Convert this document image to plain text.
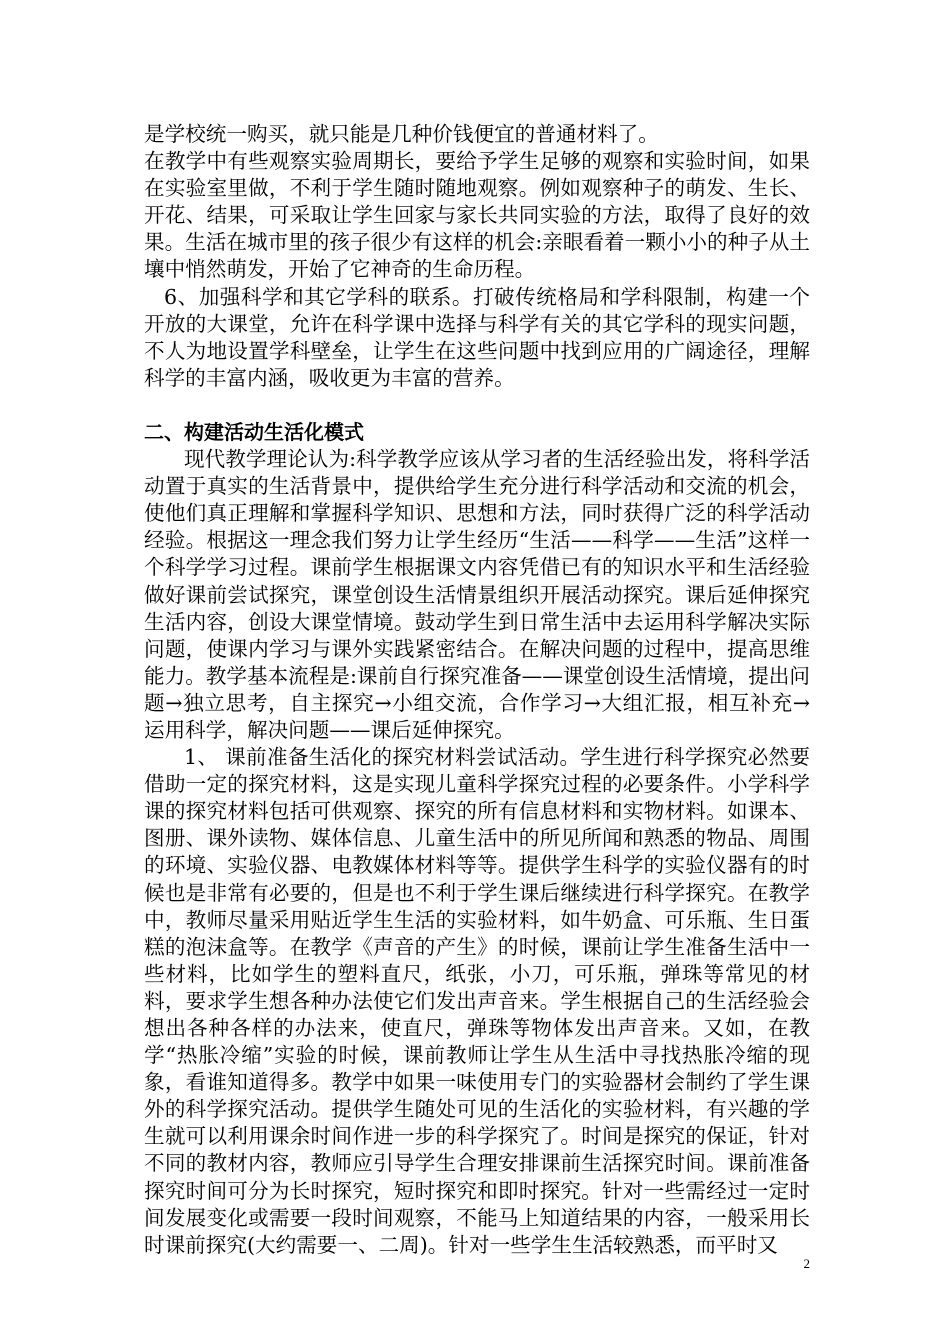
是学校统一购买，就只能是几种价钱便宜的普通材料了。

在教学中有些观察实验周期长，要给予学生足够的观察和实验时间，如果在实验室里做，不利于学生随时随地观察。例如观察种子的萌发、生长、开花、结果，可采取让学生回家与家长共同实验的方法，取得了良好的效果。生活在城市里的孩子很少有这样的机会:亲眼看着一颗小小的种子从土壤中悄然萌发，开始了它神奇的生命历程。

6、加强科学和其它学科的联系。打破传统格局和学科限制，构建一个开放的大课堂，允许在科学课中选择与科学有关的其它学科的现实问题，不人为地设置学科壁垒，让学生在这些问题中找到应用的广阔途径，理解科学的丰富内涵，吸收更为丰富的营养。

二、构建活动生活化模式

现代教学理论认为:科学教学应该从学习者的生活经验出发，将科学活动置于真实的生活背景中，提供给学生充分进行科学活动和交流的机会，使他们真正理解和掌握科学知识、思想和方法，同时获得广泛的科学活动经验。根据这一理念我们努力让学生经历“生活——科学——生活”这样一个科学学习过程。课前学生根据课文内容凭借已有的知识水平和生活经验做好课前尝试探究，课堂创设生活情景组织开展活动探究。课后延伸探究生活内容，创设大课堂情境。鼓动学生到日常生活中去运用科学解决实际问题，使课内学习与课外实践紧密结合。在解决问题的过程中，提高思维能力。教学基本流程是:课前自行探究准备——课堂创设生活情境，提出问题→独立思考，自主探究→小组交流，合作学习→大组汇报，相互补充→运用科学，解决问题——课后延伸探究。

1、 课前准备生活化的探究材料尝试活动。学生进行科学探究必然要借助一定的探究材料，这是实现儿童科学探究过程的必要条件。小学科学课的探究材料包括可供观察、探究的所有信息材料和实物材料。如课本、图册、课外读物、媒体信息、儿童生活中的所见所闻和熟悉的物品、周围的环境、实验仪器、电教媒体材料等等。提供学生科学的实验仪器有的时候也是非常有必要的，但是也不利于学生课后继续进行科学探究。在教学中，教师尽量采用贴近学生生活的实验材料，如牛奶盒、可乐瓶、生日蛋糕的泡沫盒等。在教学《声音的产生》的时候，课前让学生准备生活中一些材料，比如学生的塑料直尺，纸张，小刀，可乐瓶，弹珠等常见的材料，要求学生想各种办法使它们发出声音来。学生根据自己的生活经验会想出各种各样的办法来，使直尺，弹珠等物体发出声音来。又如，在教学“热胀冷缩”实验的时候，课前教师让学生从生活中寻找热胀冷缩的现象，看谁知道得多。教学中如果一味使用专门的实验器材会制约了学生课外的科学探究活动。提供学生随处可见的生活化的实验材料，有兴趣的学生就可以利用课余时间作进一步的科学探究了。时间是探究的保证，针对不同的教材内容，教师应引导学生合理安排课前生活探究时间。课前准备探究时间可分为长时探究，短时探究和即时探究。针对一些需经过一定时间发展变化或需要一段时间观察，不能马上知道结果的内容，一般采用长时课前探究(大约需要一、二周)。针对一些学生生活较熟悉，而平时又

2
